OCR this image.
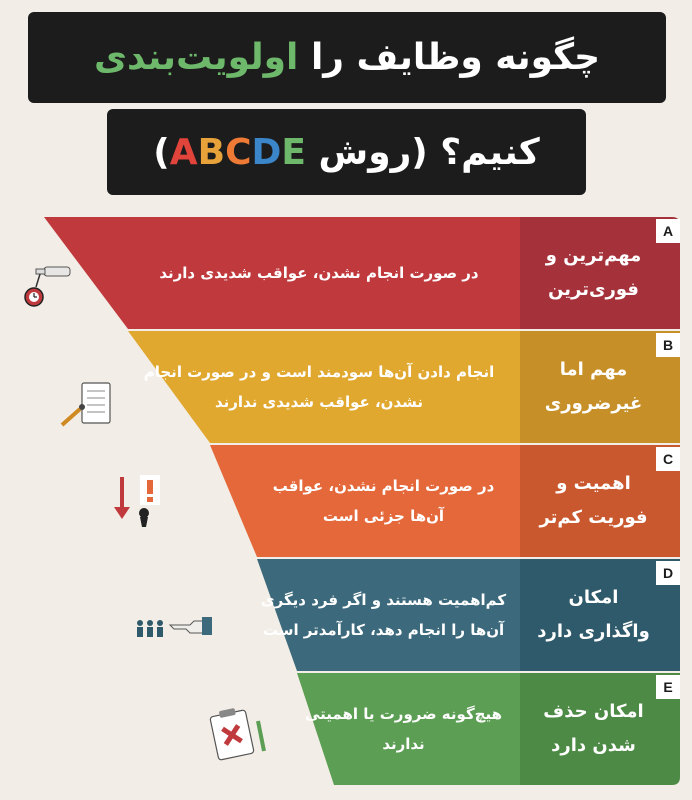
چگونه وظایف را

اولویت‌بندی
کنیم؟ (روش

ABCDE
)
در صورت انجام نشدن، عواقب شدیدی دارند
مهم‌ترین و
فوری‌ترین
A
انجام دادن آن‌ها سودمند است و در صورت انجام نشدن، عواقب شدیدی ندارند
مهم اما
غیرضروری
B
در صورت انجام نشدن، عواقب آن‌ها جزئی است
اهمیت و
فوریت کم‌تر
C
کم‌اهمیت هستند و اگر فرد دیگری آن‌ها را انجام دهد، کارآمدتر است
امکان
واگذاری دارد
D
هیچ‌گونه ضرورت یا اهمیتی ندارند
امکان حذف
شدن دارد
E
